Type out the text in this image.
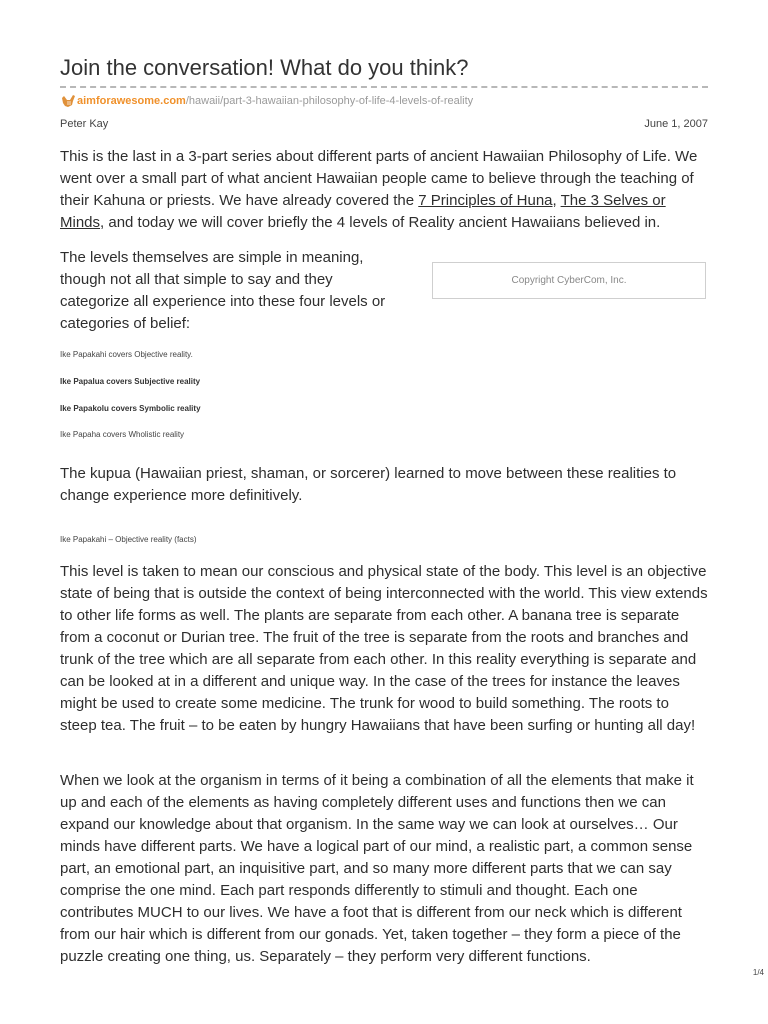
Join the conversation! What do you think?
aimforawesome.com /hawaii/part-3-hawaiian-philosophy-of-life-4-levels-of-reality
Peter Kay	June 1, 2007

This is the last in a 3-part series about different parts of ancient Hawaiian Philosophy of Life. We went over a small part of what ancient Hawaiian people came to believe through the teaching of their Kahuna or priests. We have already covered the 7 Principles of Huna, The 3 Selves or Minds, and today we will cover briefly the 4 levels of Reality ancient Hawaiians believed in.

The levels themselves are simple in meaning, though not all that simple to say and they categorize all experience into these four levels or categories of belief:

Copyright CyberCom, Inc.
Ike Papakahi covers Objective reality.
Ike Papalua covers Subjective reality
Ike Papakolu covers Symbolic reality
Ike Papaha covers Wholistic reality

The kupua (Hawaiian priest, shaman, or sorcerer) learned to move between these realities to change experience more definitively.

Ike Papakahi – Objective reality (facts)

This level is taken to mean our conscious and physical state of the body. This level is an objective state of being that is outside the context of being interconnected with the world. This view extends to other life forms as well. The plants are separate from each other. A banana tree is separate from a coconut or Durian tree. The fruit of the tree is separate from the roots and branches and trunk of the tree which are all separate from each other. In this reality everything is separate and can be looked at in a different and unique way. In the case of the trees for instance the leaves might be used to create some medicine. The trunk for wood to build something. The roots to steep tea. The fruit – to be eaten by hungry Hawaiians that have been surfing or hunting all day!

When we look at the organism in terms of it being a combination of all the elements that make it up and each of the elements as having completely different uses and functions then we can expand our knowledge about that organism. In the same way we can look at ourselves… Our minds have different parts. We have a logical part of our mind, a realistic part, a common sense part, an emotional part, an inquisitive part, and so many more different parts that we can say comprise the one mind. Each part responds differently to stimuli and thought. Each one contributes MUCH to our lives. We have a foot that is different from our neck which is different from our hair which is different from our gonads. Yet, taken together – they form a piece of the puzzle creating one thing, us. Separately – they perform very different functions.

1/4
